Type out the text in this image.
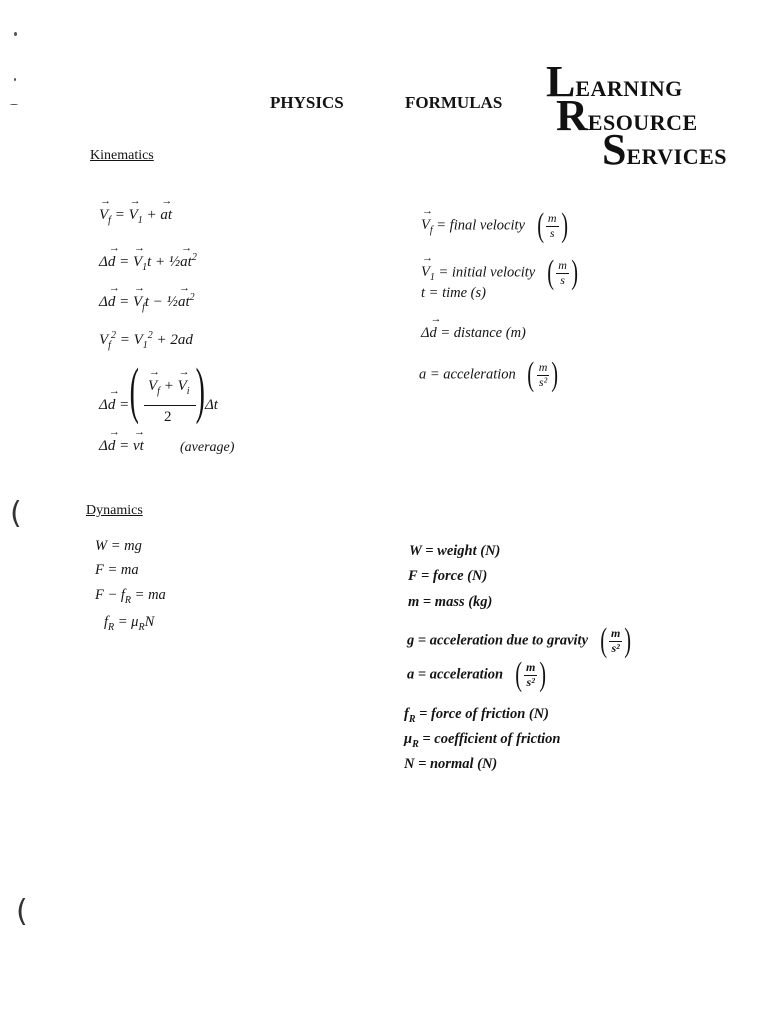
(
(
PHYSICS	FORMULAS LEARNING
RESOURCE
SERVICES
Kinematics
→ $V_f$ = → $V_1$ + → at
Δ→ d = → $V_1t$ + ½→ $at^2$
Δ→ d = → $V_ft$ − ½→ $at^2$
$V_f^2 = V_1^2 + 2ad$
Δ→ d = (
→ $V_f$ + → $V_i$
2 ) Δt
Δ→ d = → vt	(average)
→ $V_f$ = final velocity ( $\frac{m}{s}$ )
→ $V_1$ = initial velocity ( $\frac{m}{s}$ )
t = time (s)
Δ→ d = distance (m)
a = acceleration ( $\frac{m}{\text{s²}}$ )
Dynamics
W = mg
F = ma
$F - f_R$ = ma
$f_R = \mu_RN$
W = weight (N)
F = force (N)
m = mass (kg)
g = acceleration due to gravity ( $\frac{m}{\text{s²}}$ )
a = acceleration ( $\frac{m}{\text{s²}}$ )
$f_R$ = force of friction (N)
$\mu_R$ = coefficient of friction
N = normal (N)
